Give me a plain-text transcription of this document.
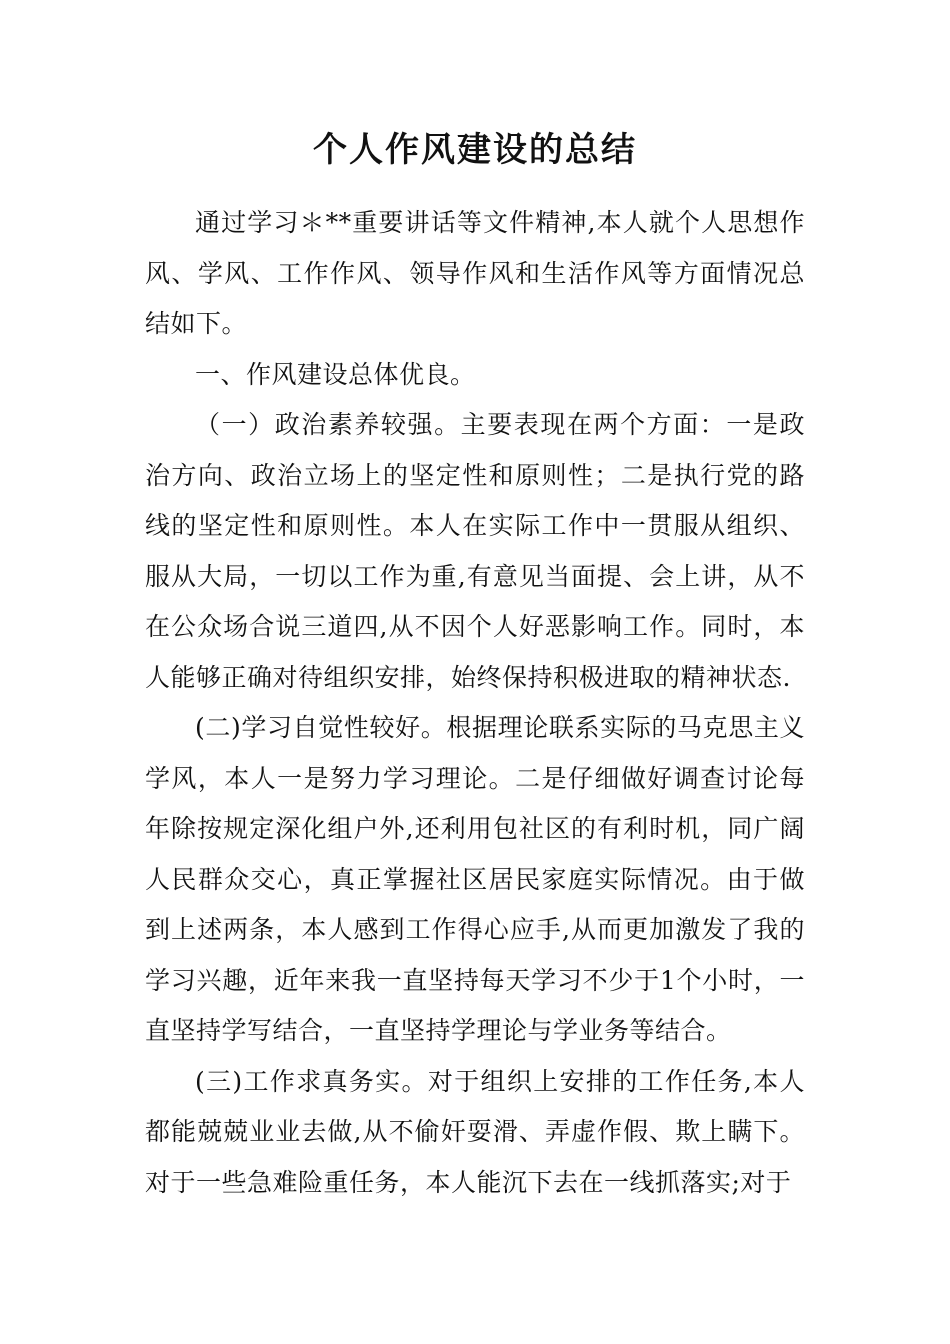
个人作风建设的总结

通过学习＊**重要讲话等文件精神,本人就个人思想作风、学风、工作作风、领导作风和生活作风等方面情况总结如下。

一、作风建设总体优良。

（一）政治素养较强。主要表现在两个方面：一是政治方向、政治立场上的坚定性和原则性；二是执行党的路线的坚定性和原则性。本人在实际工作中一贯服从组织、服从大局，一切以工作为重,有意见当面提、会上讲，从不在公众场合说三道四,从不因个人好恶影响工作。同时，本人能够正确对待组织安排，始终保持积极进取的精神状态.

(二)学习自觉性较好。根据理论联系实际的马克思主义学风，本人一是努力学习理论。二是仔细做好调查讨论每年除按规定深化组户外,还利用包社区的有利时机，同广阔人民群众交心，真正掌握社区居民家庭实际情况。由于做到上述两条，本人感到工作得心应手,从而更加激发了我的学习兴趣，近年来我一直坚持每天学习不少于1个小时，一直坚持学写结合，一直坚持学理论与学业务等结合。

(三)工作求真务实。对于组织上安排的工作任务,本人都能兢兢业业去做,从不偷奸耍滑、弄虚作假、欺上瞒下。对于一些急难险重任务，本人能沉下去在一线抓落实;对于
